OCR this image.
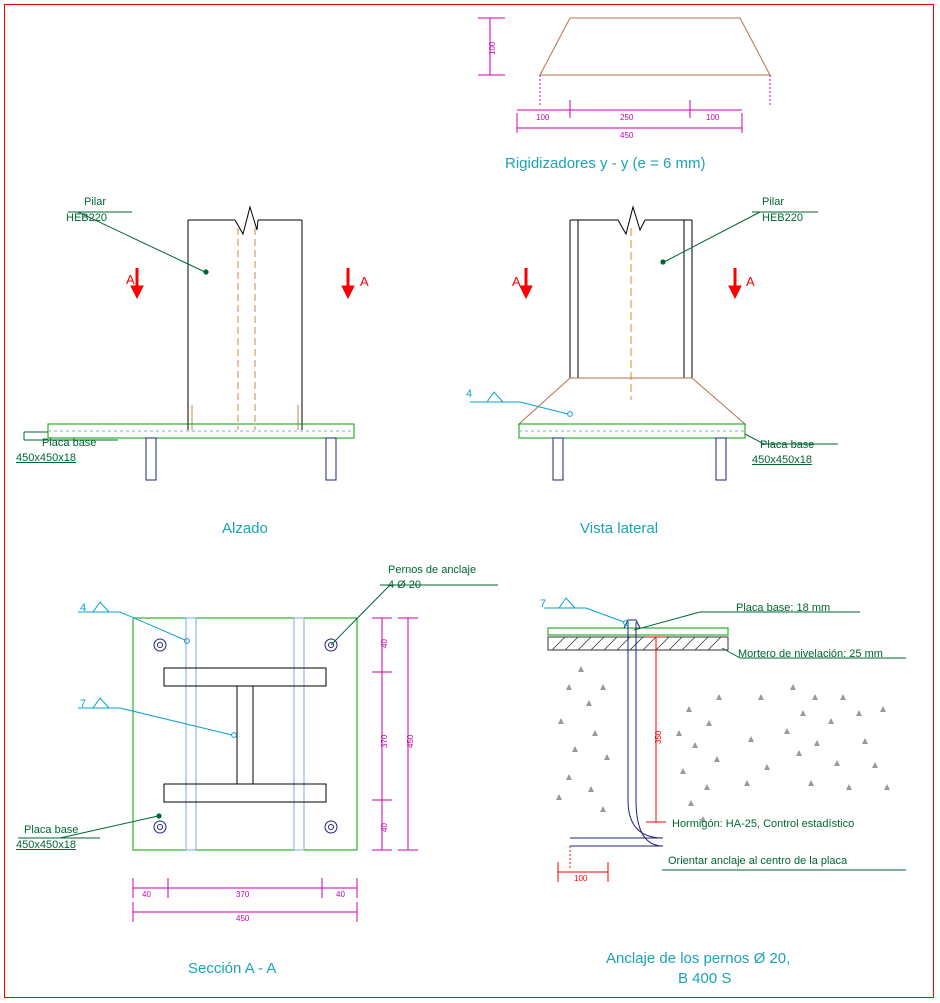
100
100	250	100
450
Rigidizadores y - y (e = 6 mm)
Pilar
HEB220
A	A
Placa base
450x450x18
Alzado
Pilar
HEB220
A	A
4
Placa base
450x450x18
Vista lateral
Pernos de anclaje
4 Ø 20
4
7
Placa base
450x450x18
40
370
40
450
40	370	40
450
Sección A - A
7	Placa base: 18 mm
Mortero de nivelación: 25 mm
350
100
Hormigón: HA-25, Control estadístico
Orientar anclaje al centro de la placa
Anclaje de los pernos Ø 20,
B 400 S
